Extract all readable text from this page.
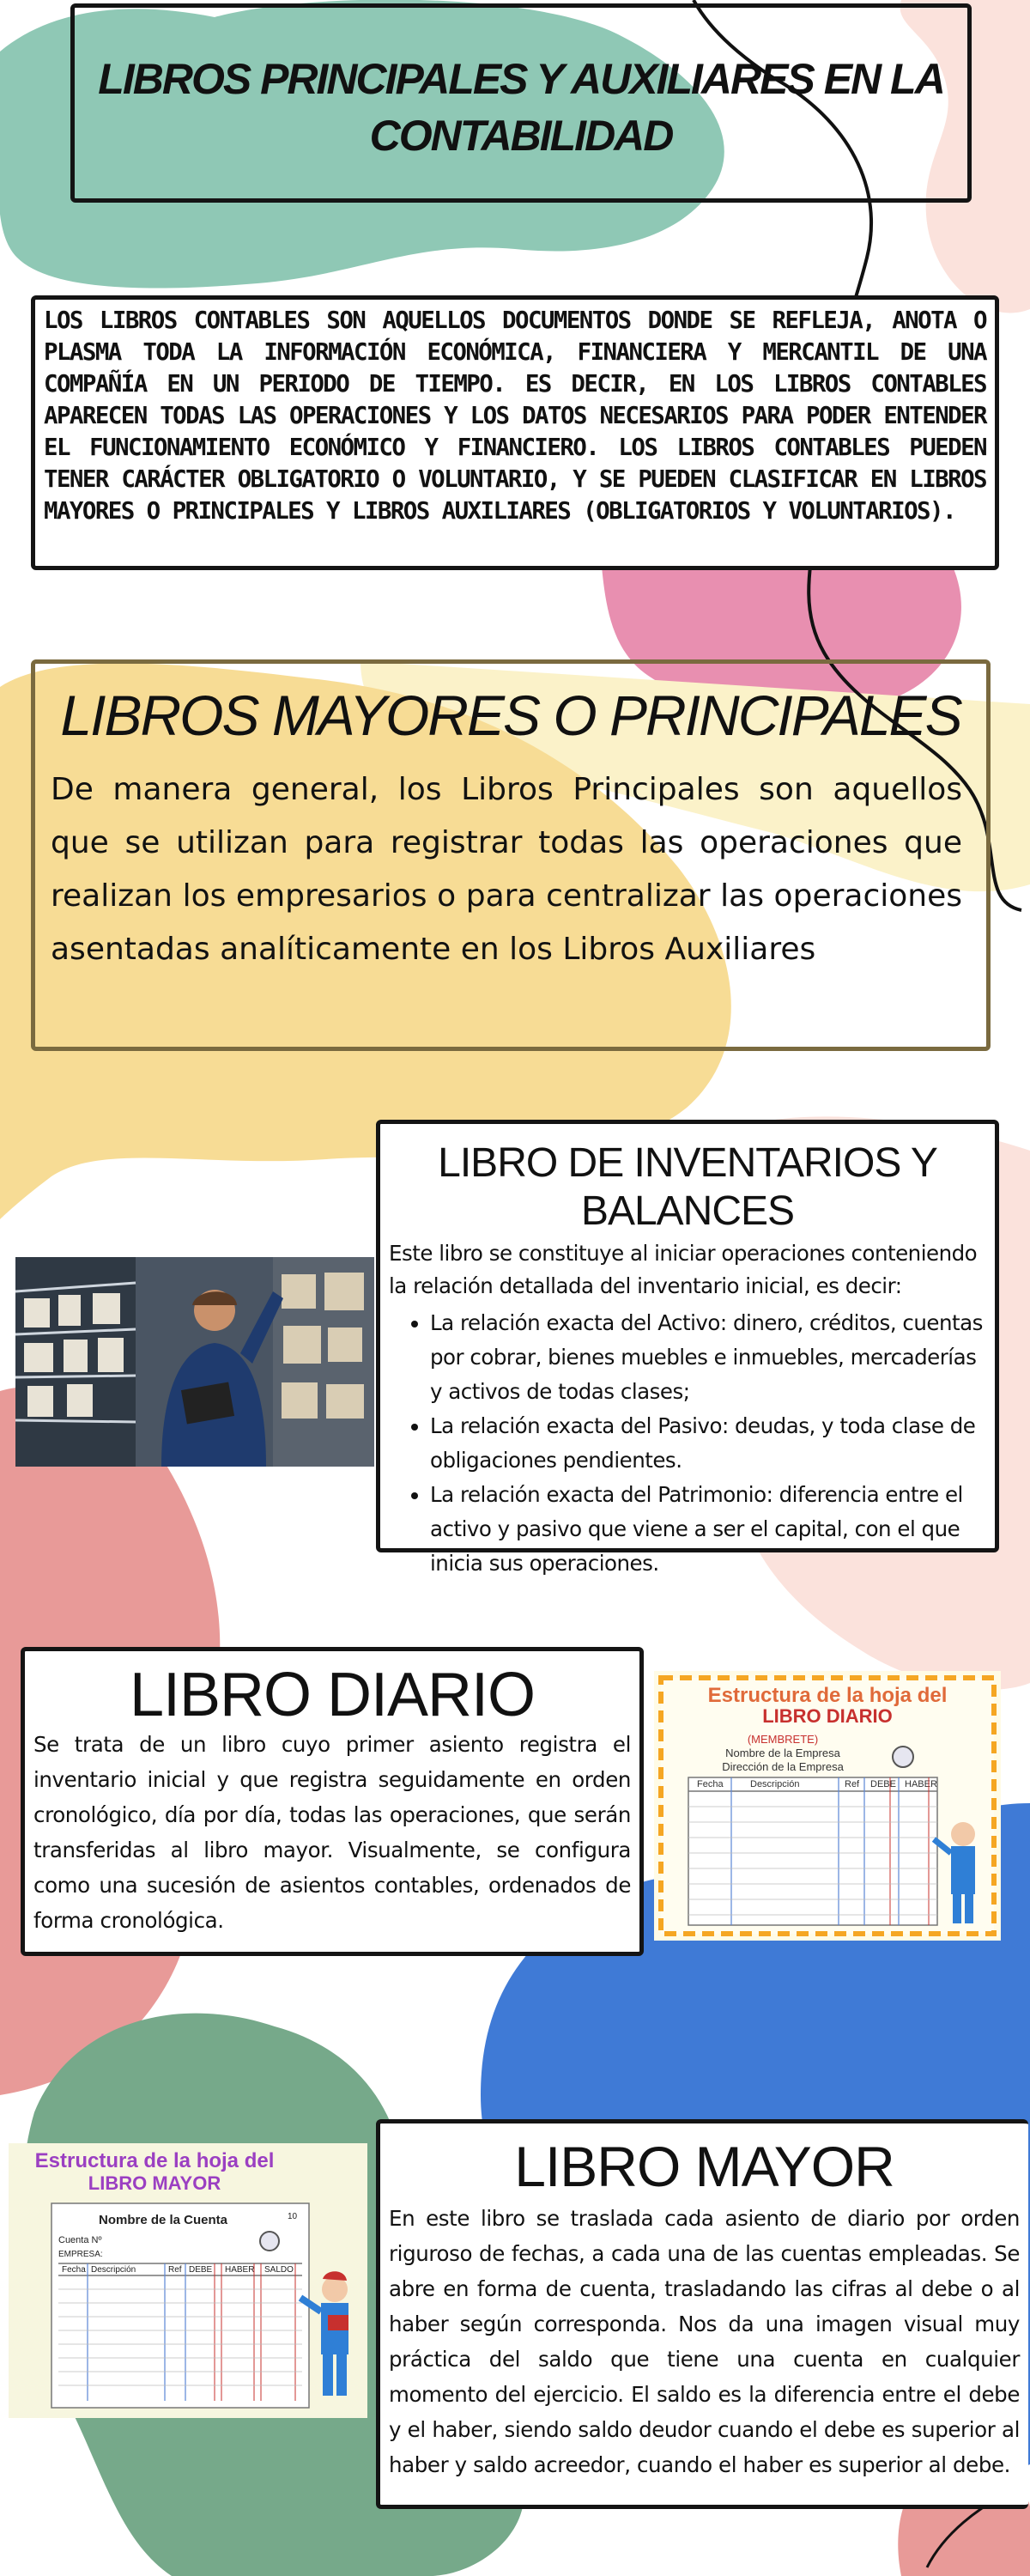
LIBROS PRINCIPALES Y AUXILIARES EN LA CONTABILIDAD

LOS LIBROS CONTABLES SON AQUELLOS DOCUMENTOS DONDE SE REFLEJA, ANOTA O PLASMA TODA LA INFORMACIÓN ECONÓMICA, FINANCIERA Y MERCANTIL DE UNA COMPAÑÍA EN UN PERIODO DE TIEMPO. ES DECIR, EN LOS LIBROS CONTABLES APARECEN TODAS LAS OPERACIONES Y LOS DATOS NECESARIOS PARA PODER ENTENDER EL FUNCIONAMIENTO ECONÓMICO Y FINANCIERO. LOS LIBROS CONTABLES PUEDEN TENER CARÁCTER OBLIGATORIO O VOLUNTARIO, Y SE PUEDEN CLASIFICAR EN LIBROS MAYORES O PRINCIPALES Y LIBROS AUXILIARES (OBLIGATORIOS Y VOLUNTARIOS).

LIBROS MAYORES O PRINCIPALES

De manera general, los Libros Principales son aquellos que se utilizan para registrar todas las operaciones que realizan los empresarios o para centralizar las operaciones asentadas analíticamente en los Libros Auxiliares

LIBRO DE INVENTARIOS Y BALANCES
Este libro se constituye al iniciar operaciones conteniendo la relación detallada del inventario inicial, es decir:
• La relación exacta del Activo: dinero, créditos, cuentas por cobrar, bienes muebles e inmuebles, mercaderías y activos de todas clases;
• La relación exacta del Pasivo: deudas, y toda clase de obligaciones pendientes.
• La relación exacta del Patrimonio: diferencia entre el activo y pasivo que viene a ser el capital, con el que inicia sus operaciones.
LIBRO DIARIO

Se trata de un libro cuyo primer asiento registra el inventario inicial y que registra seguidamente en orden cronológico, día por día, todas las operaciones, que serán transferidas al libro mayor. Visualmente, se configura como una sucesión de asientos contables, ordenados de forma cronológica.

Estructura de la hoja del
LIBRO DIARIO
(MEMBRETE)
Nombre de la Empresa
Dirección de la Empresa
Fecha	Descripción	Ref DEBE HABER
Estructura de la hoja del
LIBRO MAYOR
Nombre de la Cuenta	10
Cuenta Nº
EMPRESA:
Fecha Descripción	Ref DEBE HABER SALDO
LIBRO MAYOR

En este libro se traslada cada asiento de diario por orden riguroso de fechas, a cada una de las cuentas empleadas. Se abre en forma de cuenta, trasladando las cifras al debe o al haber según corresponda. Nos da una imagen visual muy práctica del saldo que tiene una cuenta en cualquier momento del ejercicio. El saldo es la diferencia entre el debe y el haber, siendo saldo deudor cuando el debe es superior al haber y saldo acreedor, cuando el haber es superior al debe.
